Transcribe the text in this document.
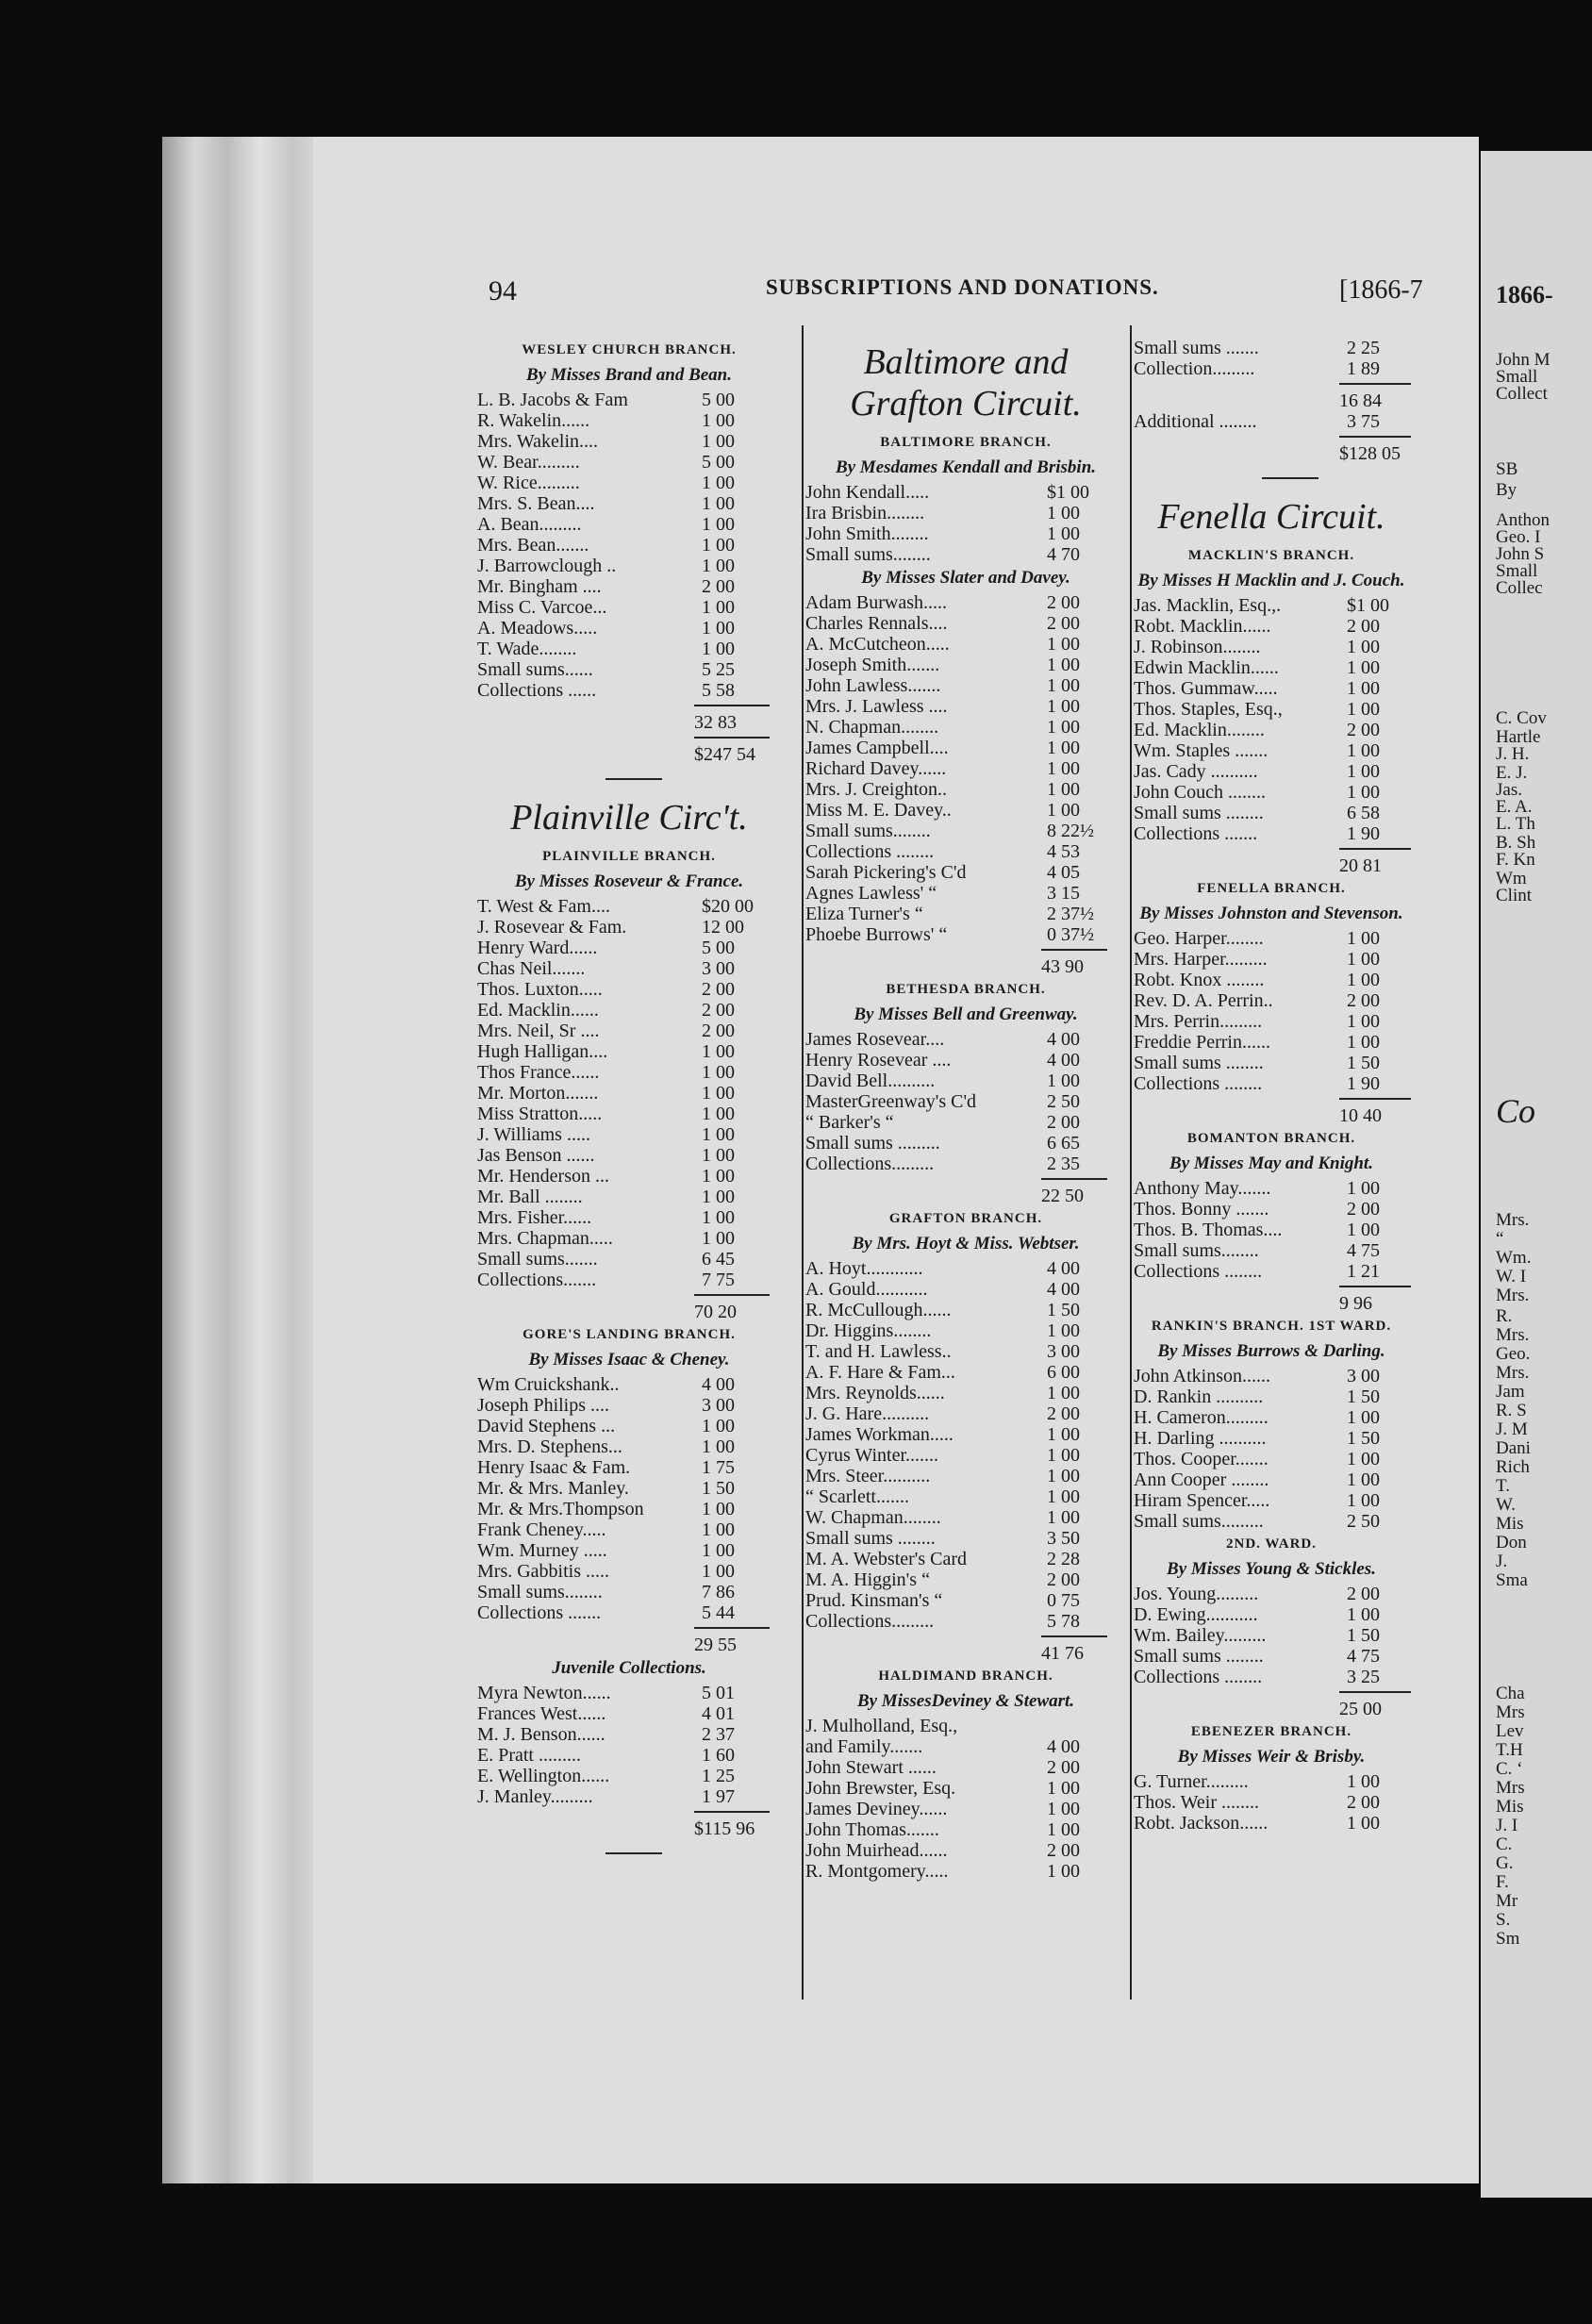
1866-
John M
Small
Collect
SB
By
Anthon
Geo. I
John S
Small
Collec
C. Cov
Hartle
J. H.
E. J.
Jas.
E. A.
L. Th
B. Sh
F. Kn
Wm
Clint
Co
Mrs.
“
Wm.
W. I
Mrs.
R.
Mrs.
Geo.
Mrs.
Jam
R. S
J. M
Dani
Rich
T.
W.
Mis
Don
J.
Sma
Cha
Mrs
Lev
T.H
C. ‘
Mrs
Mis
J. I
C.
G.
F.
Mr
S.
Sm
94	SUBSCRIPTIONS AND DONATIONS.	[1866-7
WESLEY CHURCH BRANCH.
By Misses Brand and Bean.
L. B. Jacobs & Fam	5 00
R. Wakelin......	1 00
Mrs. Wakelin....	1 00
W. Bear.........	5 00
W. Rice.........	1 00
Mrs. S. Bean....	1 00
A. Bean.........	1 00
Mrs. Bean.......	1 00
J. Barrowclough ..	1 00
Mr. Bingham ....	2 00
Miss C. Varcoe...	1 00
A. Meadows.....	1 00
T. Wade........	1 00
Small sums......	5 25
Collections ......	5 58
32 83
$247 54
Plainville Circ't.
PLAINVILLE BRANCH.
By Misses Roseveur & France.
T. West & Fam....	$20 00
J. Rosevear & Fam.	12 00
Henry Ward......	5 00
Chas Neil.......	3 00
Thos. Luxton.....	2 00
Ed. Macklin......	2 00
Mrs. Neil, Sr ....	2 00
Hugh Halligan....	1 00
Thos France......	1 00
Mr. Morton.......	1 00
Miss Stratton.....	1 00
J. Williams .....	1 00
Jas Benson ......	1 00
Mr. Henderson ...	1 00
Mr. Ball ........	1 00
Mrs. Fisher......	1 00
Mrs. Chapman.....	1 00
Small sums.......	6 45
Collections.......	7 75
70 20
GORE'S LANDING BRANCH.
By Misses Isaac & Cheney.
Wm Cruickshank..	4 00
Joseph Philips ....	3 00
David Stephens ...	1 00
Mrs. D. Stephens...	1 00
Henry Isaac & Fam.	1 75
Mr. & Mrs. Manley.	1 50
Mr. & Mrs.Thompson	1 00
Frank Cheney.....	1 00
Wm. Murney .....	1 00
Mrs. Gabbitis .....	1 00
Small sums........	7 86
Collections .......	5 44
29 55
Juvenile Collections.
Myra Newton......	5 01
Frances West......	4 01
M. J. Benson......	2 37
E. Pratt .........	1 60
E. Wellington......	1 25
J. Manley.........	1 97
$115 96
Baltimore and Grafton Circuit.
BALTIMORE BRANCH.
By Mesdames Kendall and Brisbin.
John Kendall.....	$1 00
Ira Brisbin........	1 00
John Smith........	1 00
Small sums........	4 70
By Misses Slater and Davey.
Adam Burwash.....	2 00
Charles Rennals....	2 00
A. McCutcheon.....	1 00
Joseph Smith.......	1 00
John Lawless.......	1 00
Mrs. J. Lawless ....	1 00
N. Chapman........	1 00
James Campbell....	1 00
Richard Davey......	1 00
Mrs. J. Creighton..	1 00
Miss M. E. Davey..	1 00
Small sums........	8 22½
Collections ........	4 53
Sarah Pickering's C'd	4 05
Agnes Lawless' “	3 15
Eliza Turner's “	2 37½
Phoebe Burrows' “	0 37½
43 90
BETHESDA BRANCH.
By Misses Bell and Greenway.
James Rosevear....	4 00
Henry Rosevear ....	4 00
David Bell..........	1 00
MasterGreenway's C'd	2 50
“ Barker's “	2 00
Small sums .........	6 65
Collections.........	2 35
22 50
GRAFTON BRANCH.
By Mrs. Hoyt & Miss. Webtser.
A. Hoyt............	4 00
A. Gould...........	4 00
R. McCullough......	1 50
Dr. Higgins........	1 00
T. and H. Lawless..	3 00
A. F. Hare & Fam...	6 00
Mrs. Reynolds......	1 00
J. G. Hare..........	2 00
James Workman.....	1 00
Cyrus Winter.......	1 00
Mrs. Steer..........	1 00
“ Scarlett.......	1 00
W. Chapman........	1 00
Small sums ........	3 50
M. A. Webster's Card	2 28
M. A. Higgin's “	2 00
Prud. Kinsman's “	0 75
Collections.........	5 78
41 76
HALDIMAND BRANCH.
By MissesDeviney & Stewart.
J. Mulholland, Esq.,
and Family.......	4 00
John Stewart ......	2 00
John Brewster, Esq.	1 00
James Deviney......	1 00
John Thomas.......	1 00
John Muirhead......	2 00
R. Montgomery.....	1 00
Small sums .......	2 25
Collection.........	1 89
16 84
Additional ........	3 75
$128 05
Fenella Circuit.
MACKLIN'S BRANCH.
By Misses H Macklin and J. Couch.
Jas. Macklin, Esq.,.	$1 00
Robt. Macklin......	2 00
J. Robinson........	1 00
Edwin Macklin......	1 00
Thos. Gummaw.....	1 00
Thos. Staples, Esq.,	1 00
Ed. Macklin........	2 00
Wm. Staples .......	1 00
Jas. Cady ..........	1 00
John Couch ........	1 00
Small sums ........	6 58
Collections .......	1 90
20 81
FENELLA BRANCH.
By Misses Johnston and Stevenson.
Geo. Harper........	1 00
Mrs. Harper.........	1 00
Robt. Knox ........	1 00
Rev. D. A. Perrin..	2 00
Mrs. Perrin.........	1 00
Freddie Perrin......	1 00
Small sums ........	1 50
Collections ........	1 90
10 40
BOMANTON BRANCH.
By Misses May and Knight.
Anthony May.......	1 00
Thos. Bonny .......	2 00
Thos. B. Thomas....	1 00
Small sums........	4 75
Collections ........	1 21
9 96
RANKIN'S BRANCH. 1ST WARD.
By Misses Burrows & Darling.
John Atkinson......	3 00
D. Rankin ..........	1 50
H. Cameron.........	1 00
H. Darling ..........	1 50
Thos. Cooper.......	1 00
Ann Cooper ........	1 00
Hiram Spencer.....	1 00
Small sums.........	2 50
2ND. WARD.
By Misses Young & Stickles.
Jos. Young.........	2 00
D. Ewing...........	1 00
Wm. Bailey.........	1 50
Small sums ........	4 75
Collections ........	3 25
25 00
EBENEZER BRANCH.
By Misses Weir & Brisby.
G. Turner.........	1 00
Thos. Weir ........	2 00
Robt. Jackson......	1 00
